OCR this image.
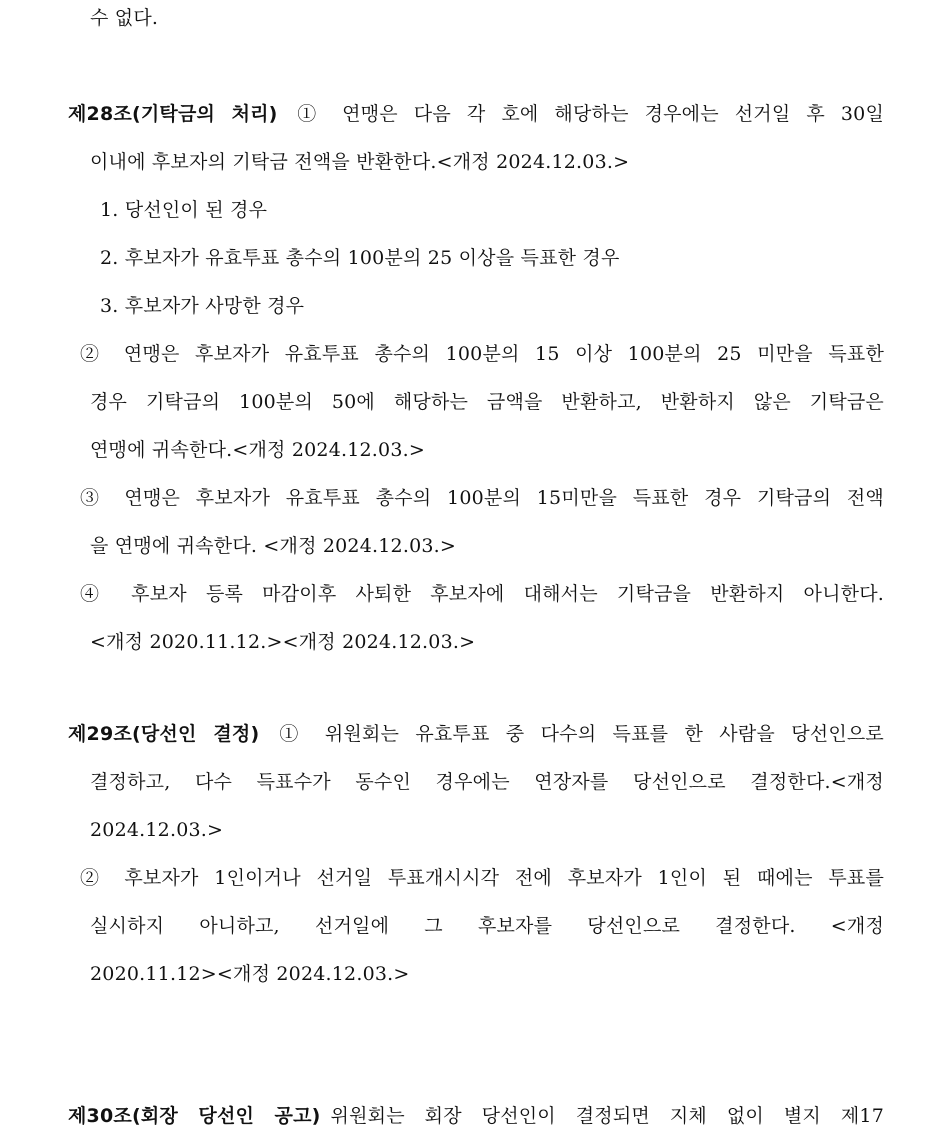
수 없다.
제28조(기탁금의 처리) ① 연맹은 다음 각 호에 해당하는 경우에는 선거일 후 30일
이내에 후보자의 기탁금 전액을 반환한다.<개정 2024.12.03.>
1. 당선인이 된 경우
2. 후보자가 유효투표 총수의 100분의 25 이상을 득표한 경우
3. 후보자가 사망한 경우
② 연맹은 후보자가 유효투표 총수의 100분의 15 이상 100분의 25 미만을 득표한
경우 기탁금의 100분의 50에 해당하는 금액을 반환하고, 반환하지 않은 기탁금은
연맹에 귀속한다.<개정 2024.12.03.>
③ 연맹은 후보자가 유효투표 총수의 100분의 15미만을 득표한 경우 기탁금의 전액
을 연맹에 귀속한다. <개정 2024.12.03.>
④ 후보자 등록 마감이후 사퇴한 후보자에 대해서는 기탁금을 반환하지 아니한다.
<개정 2020.11.12.><개정 2024.12.03.>
제29조(당선인 결정) ① 위원회는 유효투표 중 다수의 득표를 한 사람을 당선인으로
결정하고, 다수 득표수가 동수인 경우에는 연장자를 당선인으로 결정한다.<개정
2024.12.03.>
② 후보자가 1인이거나 선거일 투표개시시각 전에 후보자가 1인이 된 때에는 투표를
실시하지 아니하고, 선거일에 그 후보자를 당선인으로 결정한다. <개정
2020.11.12><개정 2024.12.03.>
제30조(회장 당선인 공고) 위원회는 회장 당선인이 결정되면 지체 없이 별지 제17
